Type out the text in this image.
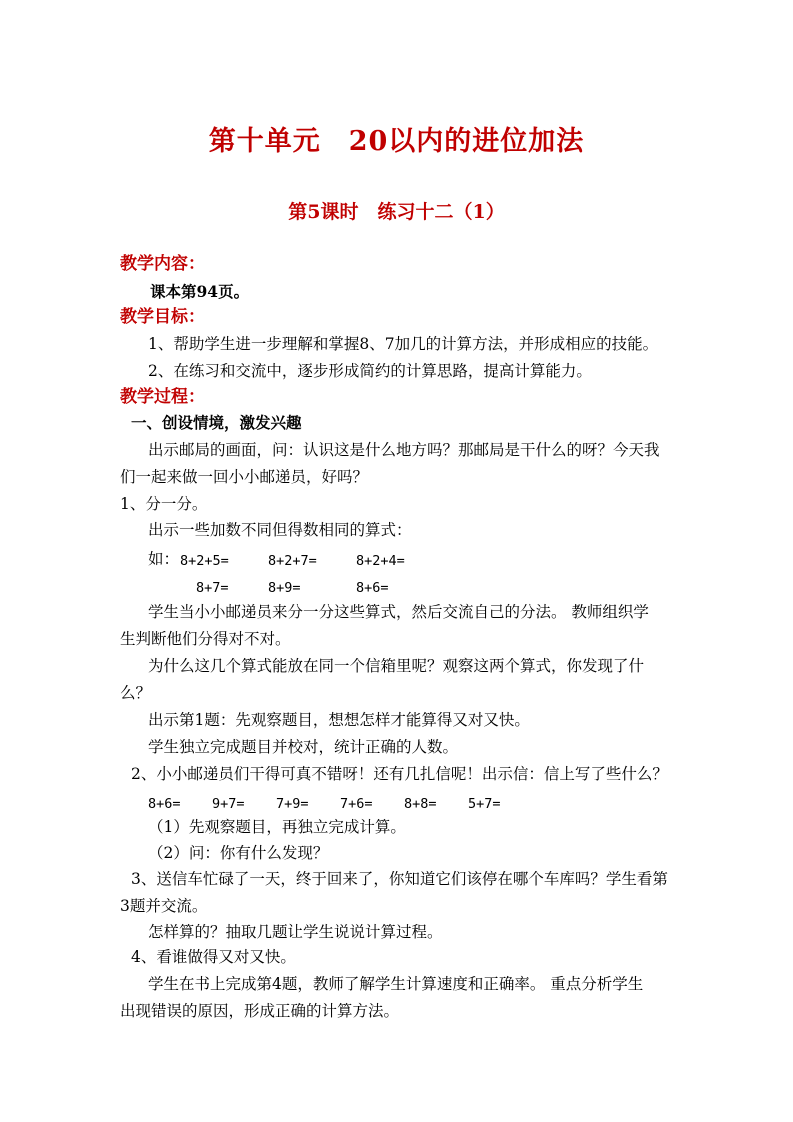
第十单元　20以内的进位加法
第5课时　练习十二（1）
教学内容：
课本第94页。
教学目标：
1、帮助学生进一步理解和掌握8、7加几的计算方法，并形成相应的技能。
2、在练习和交流中，逐步形成简约的计算思路，提高计算能力。
教学过程：
一、创设情境，激发兴趣
出示邮局的画面，问：认识这是什么地方吗？那邮局是干什么的呀？今天我
们一起来做一回小小邮递员，好吗？
1、分一分。
出示一些加数不同但得数相同的算式：
如： 8+2+5=	8+2+7=	8+2+4=
8+7=	8+9=	8+6=
学生当小小邮递员来分一分这些算式，然后交流自己的分法。 教师组织学
生判断他们分得对不对。
为什么这几个算式能放在同一个信箱里呢？观察这两个算式，你发现了什
么？
出示第1题：先观察题目，想想怎样才能算得又对又快。
学生独立完成题目并校对，统计正确的人数。
2、小小邮递员们干得可真不错呀！还有几扎信呢！出示信：信上写了些什么？
8+6= 9+7= 7+9= 7+6= 8+8= 5+7=
（1）先观察题目，再独立完成计算。
（2）问：你有什么发现？
3、送信车忙碌了一天，终于回来了，你知道它们该停在哪个车库吗？学生看第
3题并交流。
怎样算的？抽取几题让学生说说计算过程。
4、看谁做得又对又快。
学生在书上完成第4题，教师了解学生计算速度和正确率。 重点分析学生
出现错误的原因，形成正确的计算方法。
